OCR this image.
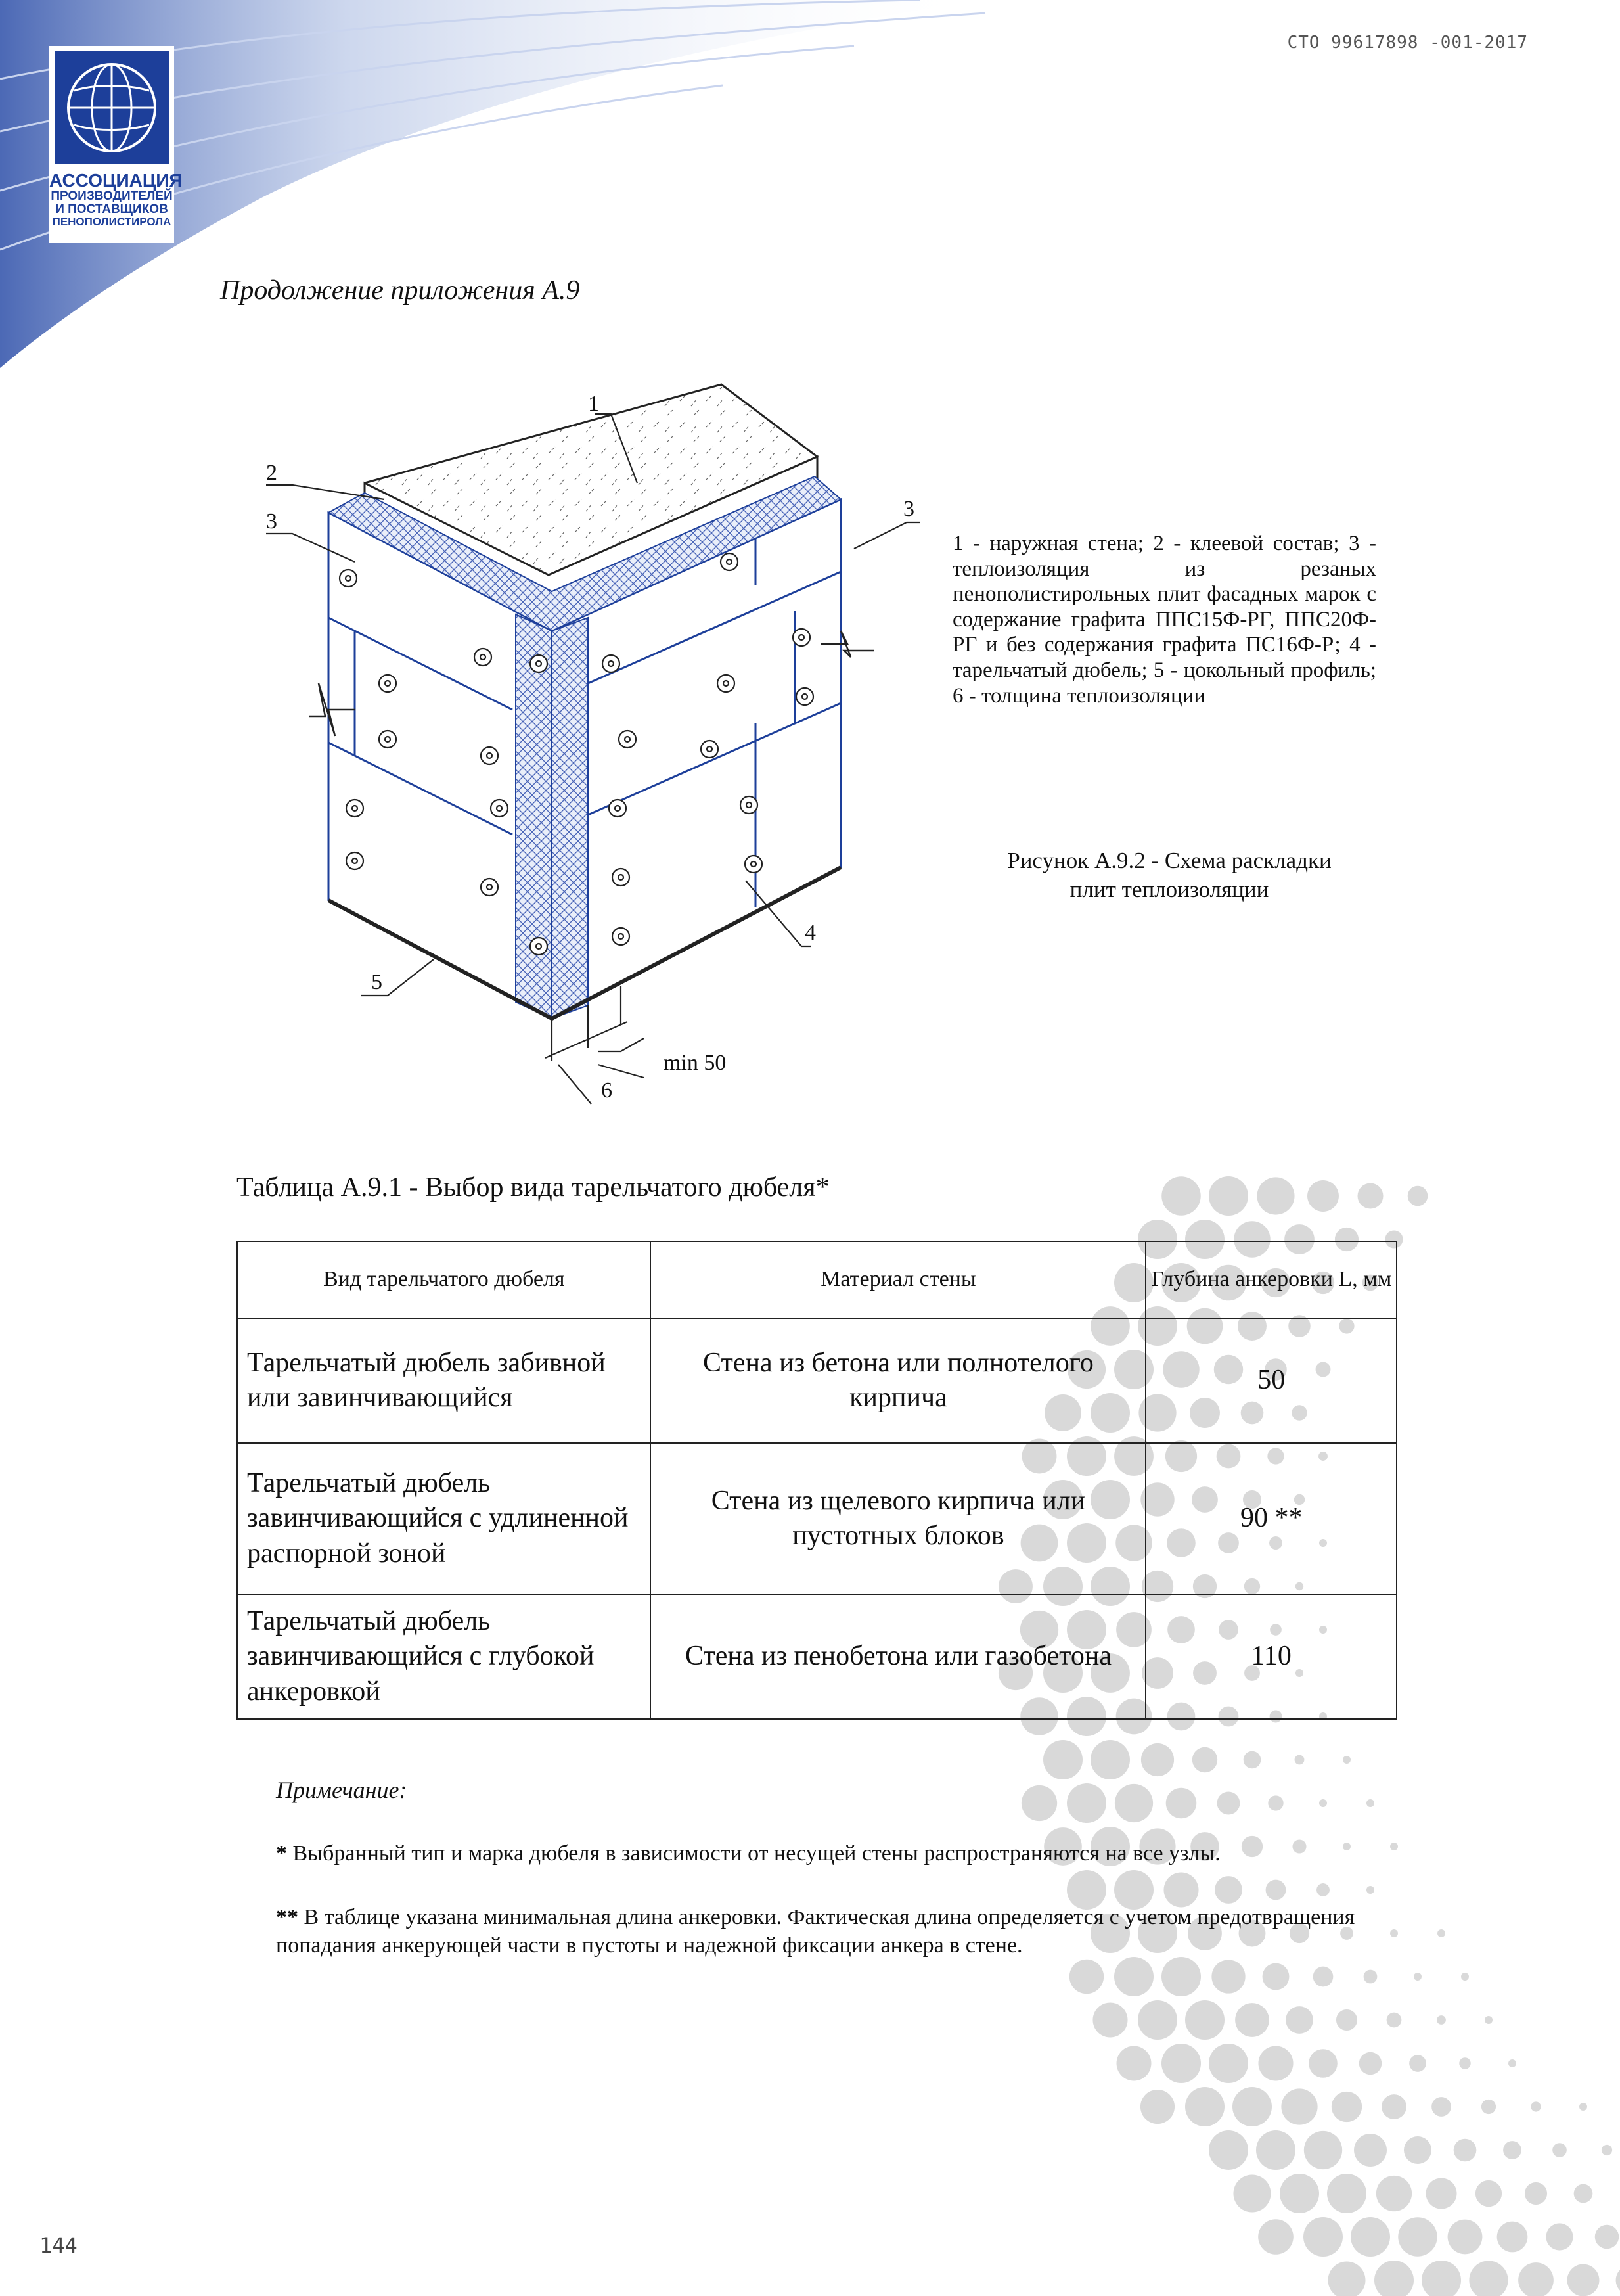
АССОЦИАЦИЯ
ПРОИЗВОДИТЕЛЕЙ
И ПОСТАВЩИКОВ
ПЕНОПОЛИСТИРОЛА
СТО 99617898 -001-2017
Продолжение приложения А.9
1
2
3
3
4
5
6
min 50
1 - наружная стена; 2 - клеевой состав; 3 - теплоизоляция из резаных пенополистирольных плит фасадных марок с содержание графита ППС15Ф-РГ, ППС20Ф-РГ и без содержания графита ПС16Ф-Р; 4 - тарельчатый дюбель; 5 - цокольный профиль; 6 - толщина теплоизоляции
Рисунок А.9.2 - Схема раскладки
плит теплоизоляции
Таблица А.9.1 - Выбор вида тарельчатого дюбеля*
Вид тарельчатого дюбеля	Материал стены	Глубина анкеровки L, мм
Тарельчатый дюбель забивной или завинчивающийся	Стена из бетона или полнотелого кирпича	50
Тарельчатый дюбель завинчивающийся с удлиненной распорной зоной	Стена из щелевого кирпича или пустотных блоков	90 **
Тарельчатый дюбель завинчивающийся с глубокой анкеровкой	Стена из пенобетона или газобетона	110
Примечание:
* Выбранный тип и марка дюбеля в зависимости от несущей стены распространяются на все узлы.
** В таблице указана минимальная длина анкеровки. Фактическая длина определяется с учетом предотвращения попадания анкерующей части в пустоты и надежной фиксации анкера в стене.
144
